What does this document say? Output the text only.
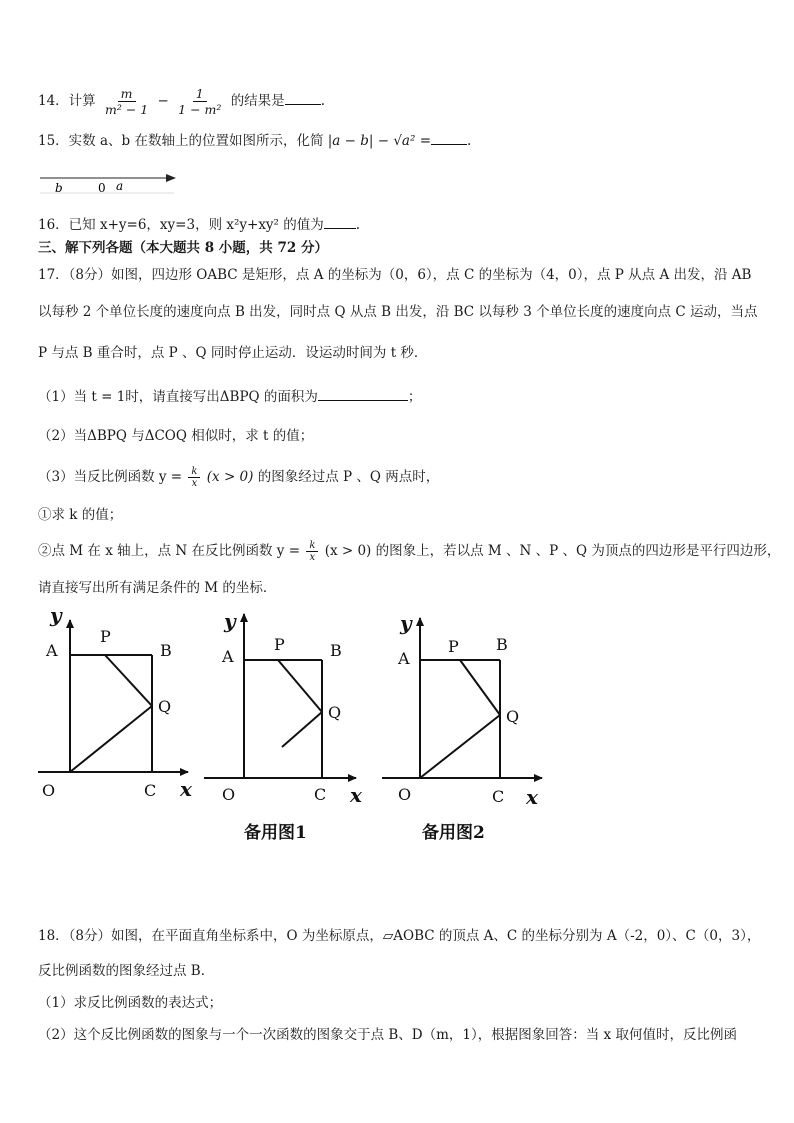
14．计算 $\frac{m}{\text{m² − 1}} - \frac{1}{\text{1 − m²}}$ 的结果是	.
15．实数 a、b 在数轴上的位置如图所示，化简 |a − b| − √a² =	.
b	0 a
16．已知 x+y=6，xy=3，则 x²y+xy² 的值为 .
三、解下列各题（本大题共 8 小题，共 72 分）
17．（8分）如图，四边形 OABC 是矩形，点 A 的坐标为（0，6），点 C 的坐标为（4，0），点 P 从点 A 出发，沿 AB
以每秒 2 个单位长度的速度向点 B 出发，同时点 Q 从点 B 出发，沿 BC 以每秒 3 个单位长度的速度向点 C 运动，当点
P 与点 B 重合时，点 P 、Q 同时停止运动．设运动时间为 t 秒．
（1）当 t = 1时，请直接写出ΔBPQ 的面积为	；
（2）当ΔBPQ 与ΔCOQ 相似时，求 t 的值；
（3）当反比例函数 $y = \frac{k}{x} (x > 0)$ 的图象经过点 P 、Q 两点时，
①求 k 的值；
②点 M 在 x 轴上，点 N 在反比例函数 $y = \frac{k}{x} (x > 0)$ 的图象上，若以点 M 、N 、P 、Q 为顶点的四边形是平行四边形，
请直接写出所有满足条件的 M 的坐标．
y
A
P
B
Q
O	C x
y
A
P	B
Q
O	C x
备用图1
y
A
P B
Q
O	C x
备用图2
18．（8分）如图，在平面直角坐标系中，O 为坐标原点，▱AOBC 的顶点 A、C 的坐标分别为 A（-2，0）、C（0，3），
反比例函数的图象经过点 B．
（1）求反比例函数的表达式；
（2）这个反比例函数的图象与一个一次函数的图象交于点 B、D（m，1），根据图象回答：当 x 取何值时，反比例函
